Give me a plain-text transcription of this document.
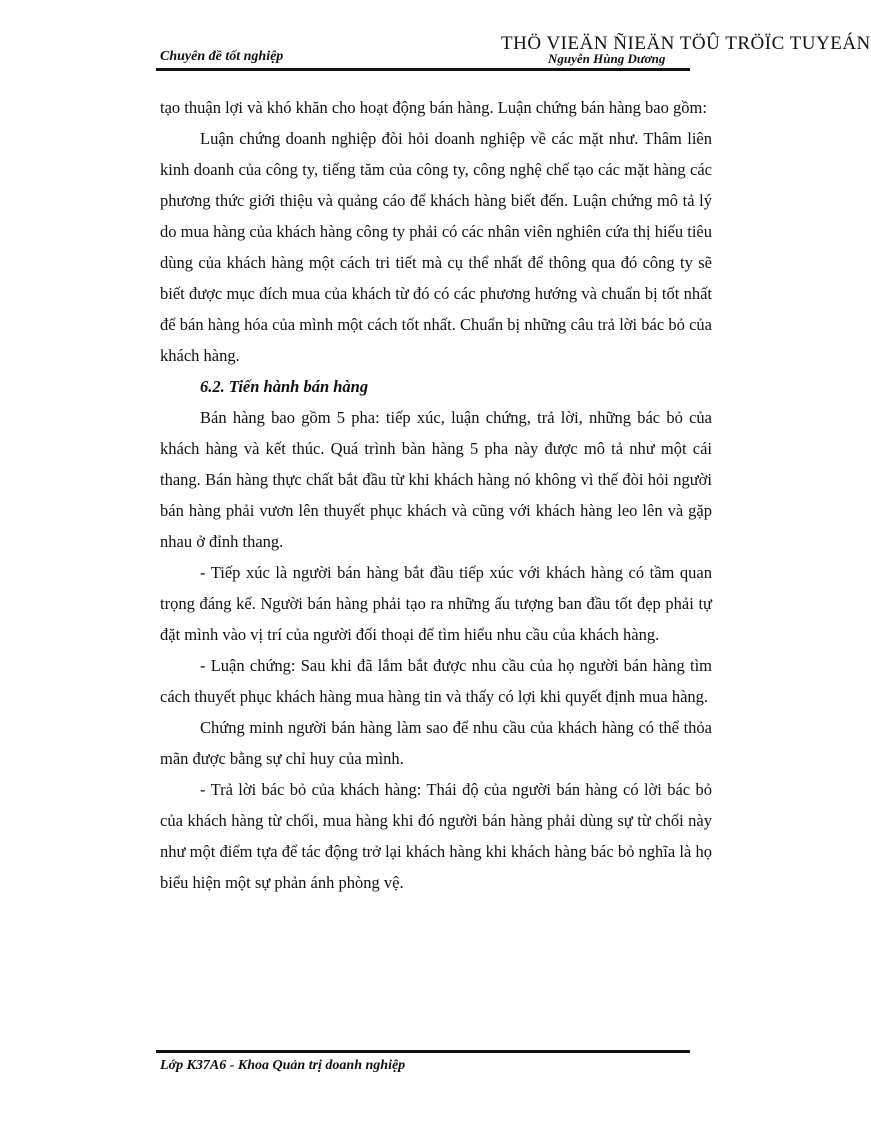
THÖ VIEÄN ÑIEÄN TÖÛ TRÖÏC TUYEÁN
Chuyên đề tốt nghiệp	Nguyễn Hùng Dương

tạo thuận lợi và khó khăn cho hoạt động bán hàng. Luận chứng bán hàng bao gồm:

Luận chứng doanh nghiệp đòi hỏi doanh nghiệp về các mặt như. Thâm liên kinh doanh của công ty, tiếng tăm của công ty, công nghệ chế tạo các mặt hàng các phương thức giới thiệu và quảng cáo để khách hàng biết đến. Luận chứng mô tả lý do mua hàng của khách hàng công ty phải có các nhân viên nghiên cứa thị hiếu tiêu dùng của khách hàng một cách tri tiết mà cụ thể nhất để thông qua đó công ty sẽ biết được mục đích mua của khách từ đó có các phương hướng và chuẩn bị tốt nhất để bán hàng hóa của mình một cách tốt nhất. Chuẩn bị những câu trả lời bác bỏ của khách hàng.

6.2. Tiến hành bán hàng

Bán hàng bao gồm 5 pha: tiếp xúc, luận chứng, trả lời, những bác bỏ của khách hàng và kết thúc. Quá trình bàn hàng 5 pha này được mô tả như một cái thang. Bán hàng thực chất bắt đầu từ khi khách hàng nó không vì thế đòi hỏi người bán hàng phải vươn lên thuyết phục khách và cũng với khách hàng leo lên và gặp nhau ở đỉnh thang.

- Tiếp xúc là người bán hàng bắt đầu tiếp xúc với khách hàng có tầm quan trọng đáng kể. Người bán hàng phải tạo ra những ấu tượng ban đầu tốt đẹp phải tự đặt mình vào vị trí của người đối thoại để tìm hiểu nhu cầu của khách hàng.

- Luận chứng: Sau khi đã lắm bắt được nhu cầu của họ người bán hàng tìm cách thuyết phục khách hàng mua hàng tin và thấy có lợi khi quyết định mua hàng.

Chứng minh người bán hàng làm sao để nhu cầu của khách hàng có thể thỏa mãn được bằng sự chỉ huy của mình.

- Trả lời bác bỏ của khách hàng: Thái độ của người bán hàng có lời bác bỏ của khách hàng từ chối, mua hàng khi đó người bán hàng phải dùng sự từ chối này như một điểm tựa để tác động trở lại khách hàng khi khách hàng bác bỏ nghĩa là họ biểu hiện một sự phản ánh phòng vệ.

Lớp K37A6 - Khoa Quản trị doanh nghiệp
